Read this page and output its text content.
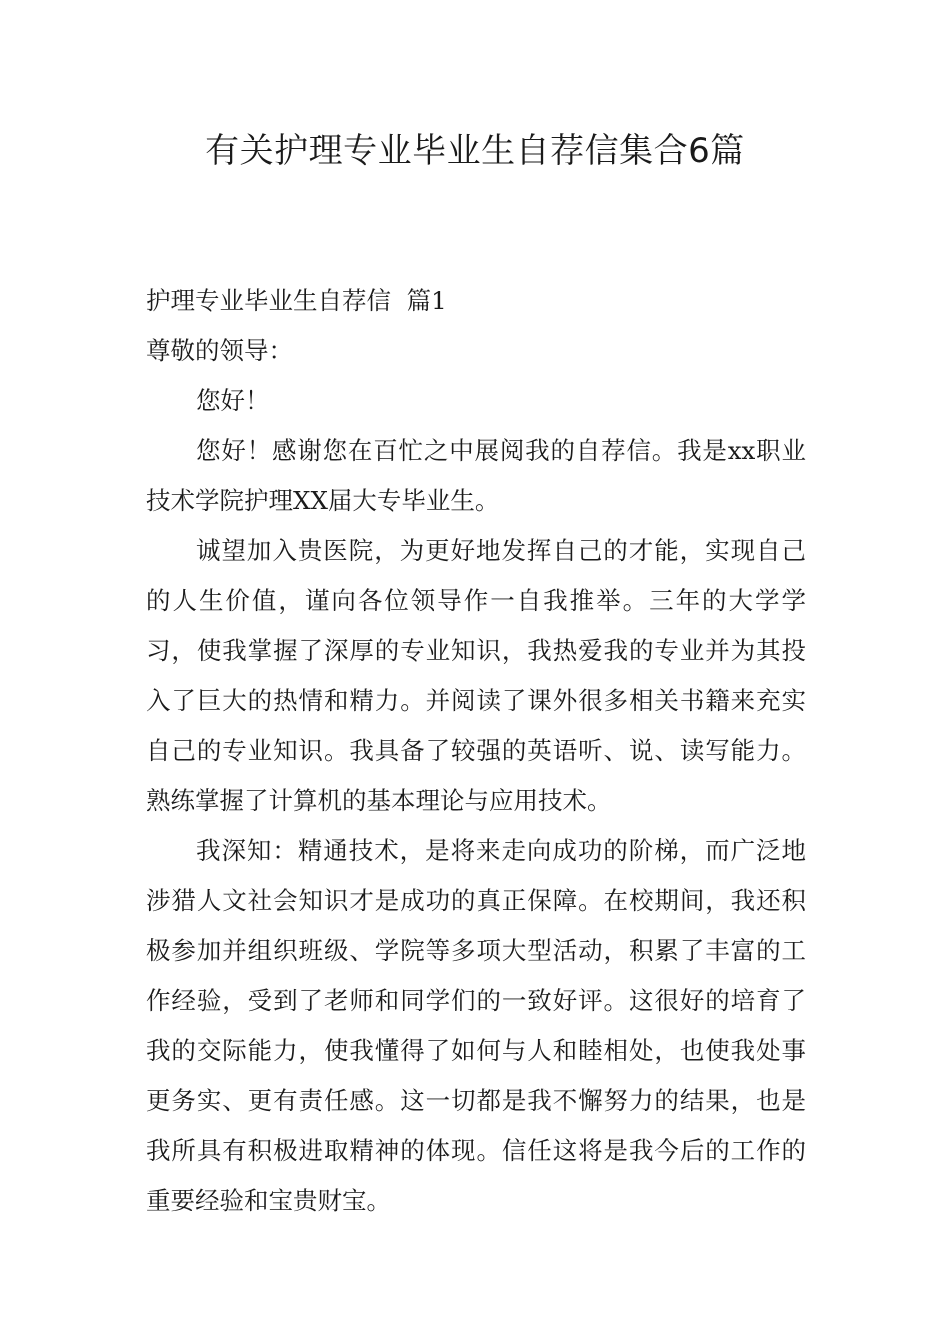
有关护理专业毕业生自荐信集合6篇

护理专业毕业生自荐信  篇1

尊敬的领导：

您好！

您好！感谢您在百忙之中展阅我的自荐信。我是xx职业技术学院护理XX届大专毕业生。

诚望加入贵医院，为更好地发挥自己的才能，实现自己的人生价值，谨向各位领导作一自我推举。三年的大学学习，使我掌握了深厚的专业知识，我热爱我的专业并为其投入了巨大的热情和精力。并阅读了课外很多相关书籍来充实自己的专业知识。我具备了较强的英语听、说、读写能力。熟练掌握了计算机的基本理论与应用技术。

我深知：精通技术，是将来走向成功的阶梯，而广泛地涉猎人文社会知识才是成功的真正保障。在校期间，我还积极参加并组织班级、学院等多项大型活动，积累了丰富的工作经验，受到了老师和同学们的一致好评。这很好的培育了我的交际能力，使我懂得了如何与人和睦相处，也使我处事更务实、更有责任感。这一切都是我不懈努力的结果，也是我所具有积极进取精神的体现。信任这将是我今后的工作的重要经验和宝贵财宝。
